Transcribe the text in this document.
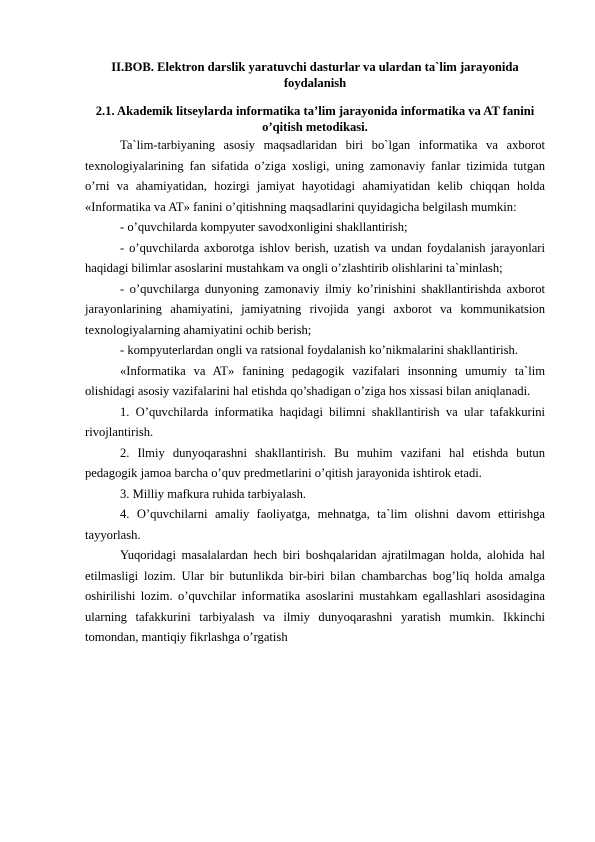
II.BOB. Elektron darslik yaratuvchi dasturlar va ulardan ta`lim jarayonida foydalanish
2.1. Akademik litseylarda informatika ta’lim jarayonida informatika va AT fanini o’qitish metodikasi.

Ta`lim-tarbiyaning asosiy maqsadlaridan biri bo`lgan informatika va axborot texnologiyalarining fan sifatida o’ziga xosligi, uning zamonaviy fanlar tizimida tutgan o’rni va ahamiyatidan, hozirgi jamiyat hayotidagi ahamiyatidan kelib chiqqan holda «Informatika va AT» fanini o’qitishning maqsadlarini quyidagicha belgilash mumkin:

- o’quvchilarda kompyuter savodxonligini shakllantirish;

- o’quvchilarda axborotga ishlov berish, uzatish va undan foydalanish jarayonlari haqidagi bilimlar asoslarini mustahkam va ongli o’zlashtirib olishlarini ta`minlash;

- o’quvchilarga dunyoning zamonaviy ilmiy ko’rinishini shakllantirishda axborot jarayonlarining ahamiyatini, jamiyatning rivojida yangi axborot va kommunikatsion texnologiyalarning ahamiyatini ochib berish;

- kompyuterlardan ongli va ratsional foydalanish ko’nikmalarini shakllantirish.

«Informatika va AT» fanining pedagogik vazifalari insonning umumiy ta`lim olishidagi asosiy vazifalarini hal etishda qo’shadigan o’ziga hos xissasi bilan aniqlanadi.

1. O’quvchilarda informatika haqidagi bilimni shakllantirish va ular tafakkurini rivojlantirish.

2. Ilmiy dunyoqarashni shakllantirish. Bu muhim vazifani hal etishda butun pedagogik jamoa barcha o’quv predmetlarini o’qitish jarayonida ishtirok etadi.

3. Milliy mafkura ruhida tarbiyalash.

4. O’quvchilarni amaliy faoliyatga, mehnatga, ta`lim olishni davom ettirishga tayyorlash.

Yuqoridagi masalalardan hech biri boshqalaridan ajratilmagan holda, alohida hal etilmasligi lozim. Ular bir butunlikda bir-biri bilan chambarchas bog’liq holda amalga oshirilishi lozim. o’quvchilar informatika asoslarini mustahkam egallashlari asosidagina ularning tafakkurini tarbiyalash va ilmiy dunyoqarashni yaratish mumkin. Ikkinchi tomondan, mantiqiy fikrlashga o’rgatish
